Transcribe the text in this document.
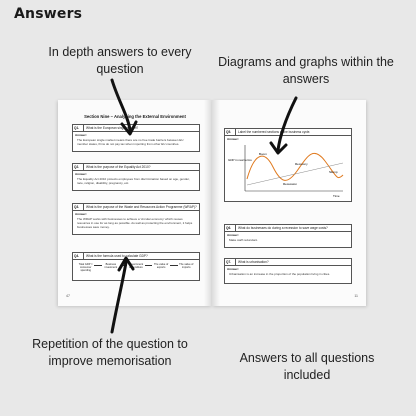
Answers
In depth answers to every question	Diagrams and graphs within the answers
Section Nine – Analysing the External Environment
Q1.	What is the European single market?
Answer:
The European single market means there are no free trade barriers between EU member states, firms do not pay tax when importing from other EU countries.
Q2.	What is the purpose of the Equality Act 2010?
Answer:
The Equality Act 2010 protects employees from discrimination based on age, gender, race, religion, disability, pregnancy, etc.
Q3.	What is the purpose of the Waste and Resources Action Programme (WRAP)?
Answer:
The WRAP works with businesses to achieve a 'circular economy' which reuses resources in use for as long as possible. As well as protecting the environment, it helps businesses save money.
Q4.	What is the formula used to calculate GDP?
Total GDP = consumer spending
Business investment
Government expenditure
The value of exports
The value of imports
47
Q5.	Label the numbered sections of the business cycle.
Answer:
GDP in real terms
Time
Boom
Recession
Recovery
Slump
Q6.	What do businesses do during a recession to save wage costs?
Answer:
Make staff redundant.
Q7.	What is urbanisation?
Answer:
Urbanisation is an increase in the proportion of the population living in cities.
11
Repetition of the question to improve memorisation	Answers to all questions included
